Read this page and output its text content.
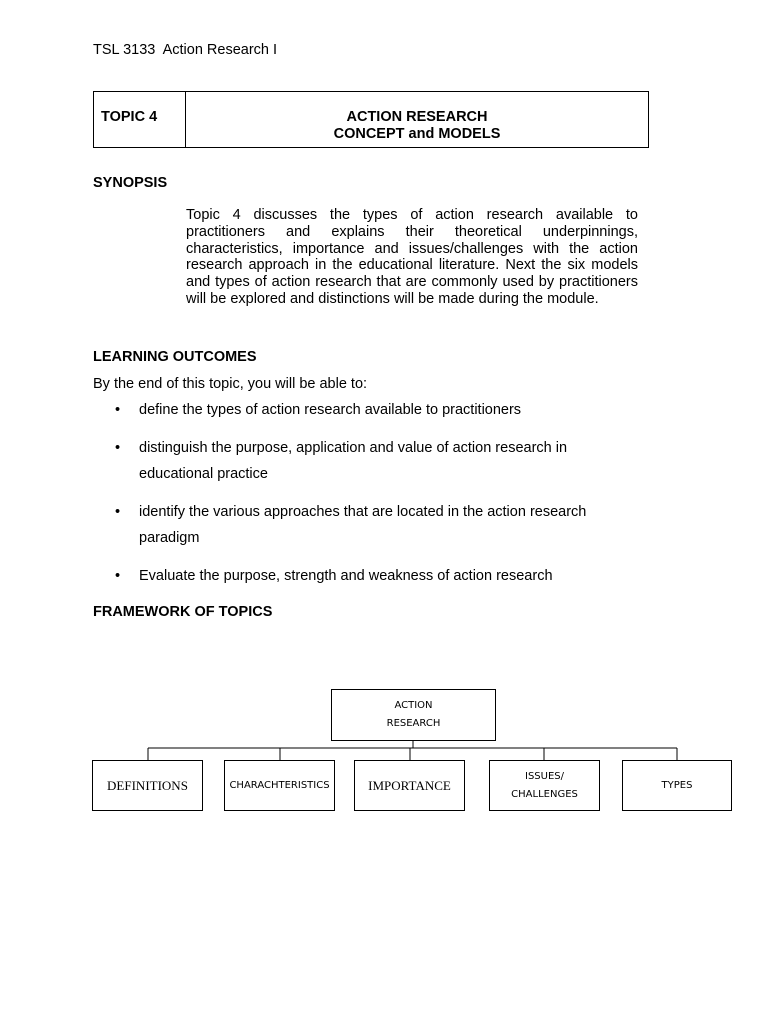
TSL 3133  Action Research I
TOPIC 4	ACTION RESEARCH
CONCEPT and MODELS
SYNOPSIS
Topic 4 discusses the types of action research available to practitioners and explains their theoretical underpinnings, characteristics, importance and issues/challenges with the action research approach in the educational literature. Next the six models and types of action research that are commonly used by practitioners will be explored and distinctions will be made during the module.
LEARNING OUTCOMES
By the end of this topic, you will be able to:
•	define the types of action research available to practitioners
•	distinguish the purpose, application and value of action research in educational practice
•	identify the various approaches that are located in the action research paradigm
•	Evaluate the purpose, strength and weakness of action research
FRAMEWORK OF TOPICS
ACTION
RESEARCH
DEFINITIONS	CHARACHTERISTICS	IMPORTANCE
ISSUES/ CHALLENGES
TYPES
